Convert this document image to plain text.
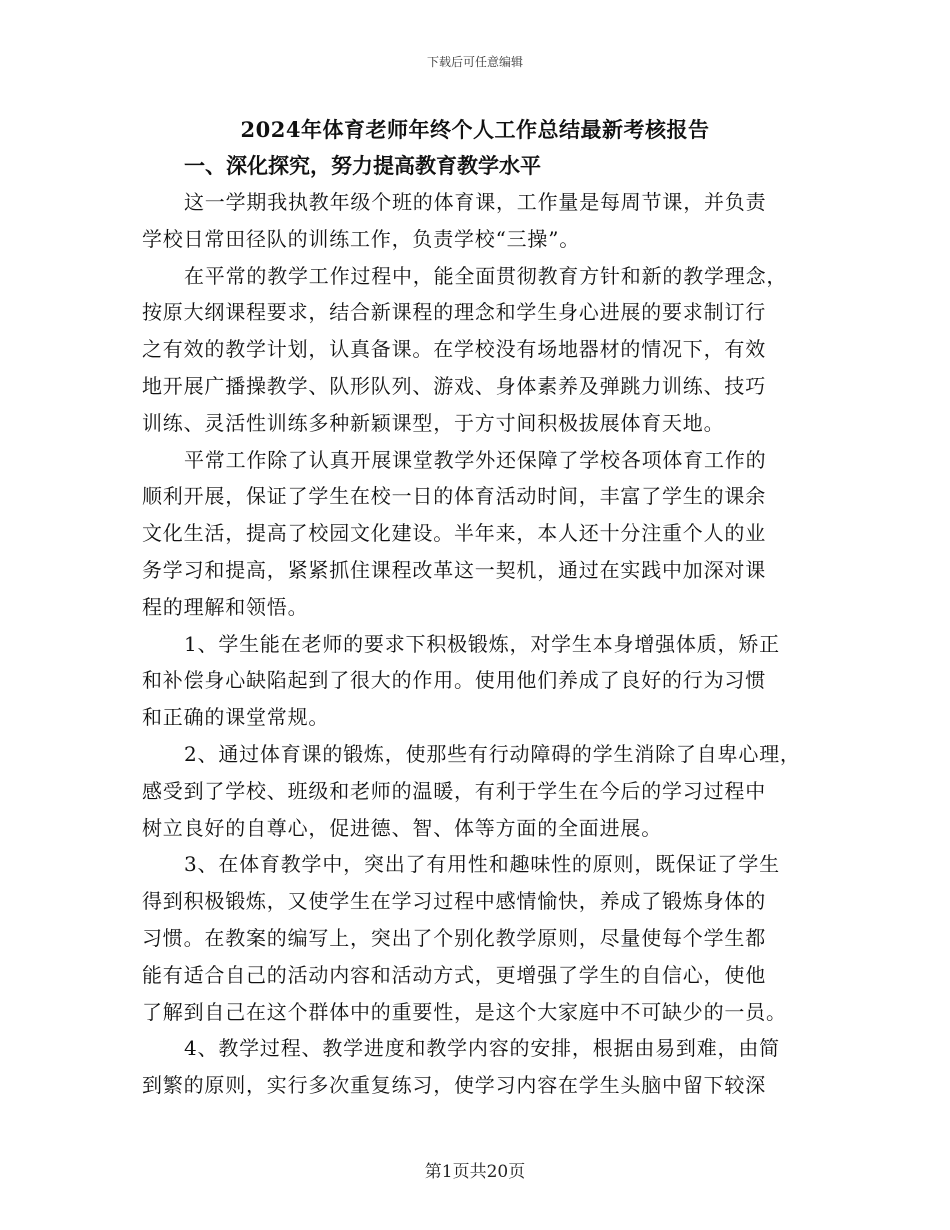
下载后可任意编辑
2024年体育老师年终个人工作总结最新考核报告

一、深化探究，努力提高教育教学水平

这一学期我执教年级个班的体育课，工作量是每周节课，并负责
学校日常田径队的训练工作，负责学校“三操”。

在平常的教学工作过程中，能全面贯彻教育方针和新的教学理念，
按原大纲课程要求，结合新课程的理念和学生身心进展的要求制订行
之有效的教学计划，认真备课。在学校没有场地器材的情况下，有效
地开展广播操教学、队形队列、游戏、身体素养及弹跳力训练、技巧
训练、灵活性训练多种新颖课型，于方寸间积极拔展体育天地。

平常工作除了认真开展课堂教学外还保障了学校各项体育工作的
顺利开展，保证了学生在校一日的体育活动时间，丰富了学生的课余
文化生活，提高了校园文化建设。半年来，本人还十分注重个人的业
务学习和提高，紧紧抓住课程改革这一契机，通过在实践中加深对课
程的理解和领悟。

1、学生能在老师的要求下积极锻炼，对学生本身增强体质，矫正
和补偿身心缺陷起到了很大的作用。使用他们养成了良好的行为习惯
和正确的课堂常规。

2、通过体育课的锻炼，使那些有行动障碍的学生消除了自卑心理，
感受到了学校、班级和老师的温暖，有利于学生在今后的学习过程中
树立良好的自尊心，促进德、智、体等方面的全面进展。

3、在体育教学中，突出了有用性和趣味性的原则，既保证了学生
得到积极锻炼，又使学生在学习过程中感情愉快，养成了锻炼身体的
习惯。在教案的编写上，突出了个别化教学原则，尽量使每个学生都
能有适合自己的活动内容和活动方式，更增强了学生的自信心，使他
了解到自己在这个群体中的重要性，是这个大家庭中不可缺少的一员。

4、教学过程、教学进度和教学内容的安排，根据由易到难，由简
到繁的原则，实行多次重复练习，使学习内容在学生头脑中留下较深

第1页共20页
